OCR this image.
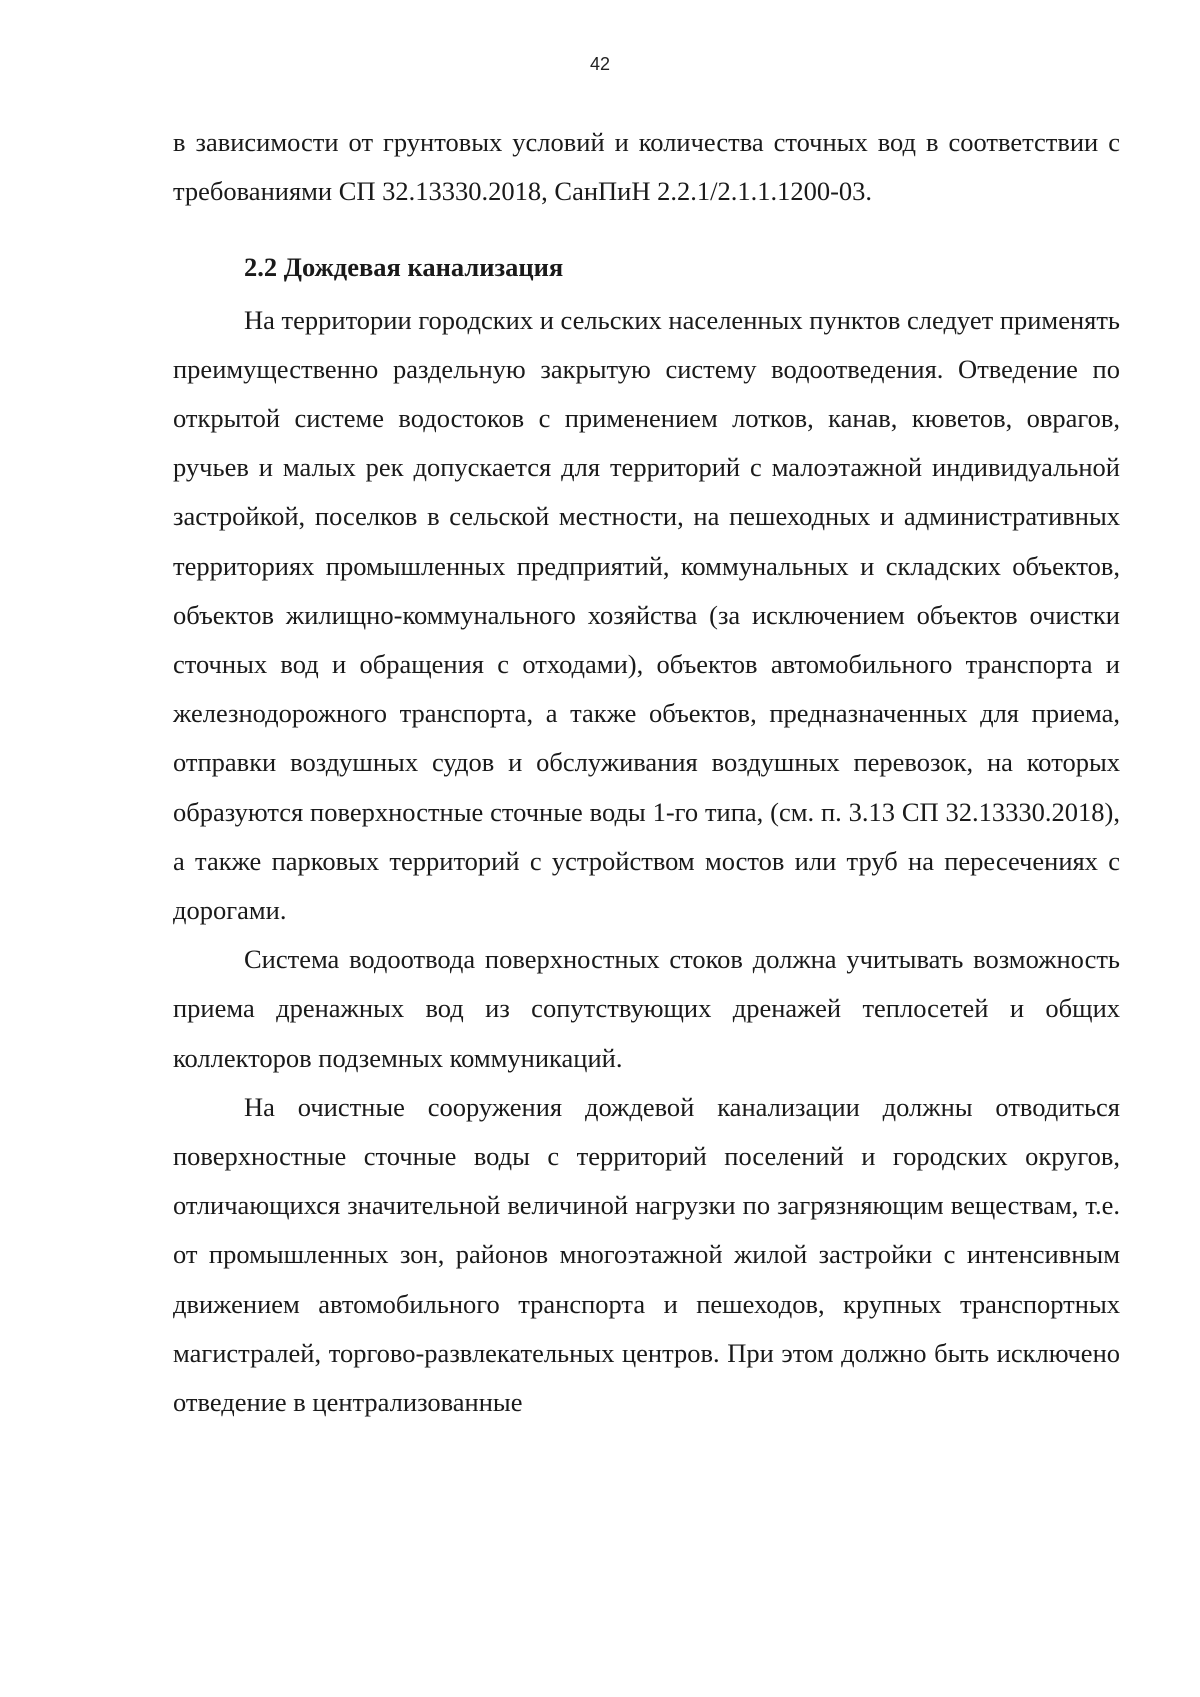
42

в зависимости от грунтовых условий и количества сточных вод в соответствии с требованиями СП 32.13330.2018, СанПиН 2.2.1/2.1.1.1200-03.

2.2 Дождевая канализация

На территории городских и сельских населенных пунктов следует применять преимущественно раздельную закрытую систему водоотведения. Отведение по открытой системе водостоков с применением лотков, канав, кюветов, оврагов, ручьев и малых рек допускается для территорий с малоэтажной индивидуальной застройкой, поселков в сельской местности, на пешеходных и административных территориях промышленных предприятий, коммунальных и складских объектов, объектов жилищно-коммунального хозяйства (за исключением объектов очистки сточных вод и обращения с отходами), объектов автомобильного транспорта и железнодорожного транспорта, а также объектов, предназначенных для приема, отправки воздушных судов и обслуживания воздушных перевозок, на которых образуются поверхностные сточные воды 1-го типа, (см. п. 3.13 СП 32.13330.2018), а также парковых территорий с устройством мостов или труб на пересечениях с дорогами.

Система водоотвода поверхностных стоков должна учитывать возможность приема дренажных вод из сопутствующих дренажей теплосетей и общих коллекторов подземных коммуникаций.

На очистные сооружения дождевой канализации должны отводиться поверхностные сточные воды с территорий поселений и городских округов, отличающихся значительной величиной нагрузки по загрязняющим веществам, т.е. от промышленных зон, районов многоэтажной жилой застройки с интенсивным движением автомобильного транспорта и пешеходов, крупных транспортных магистралей, торгово-развлекательных центров. При этом должно быть исключено отведение в централизованные
